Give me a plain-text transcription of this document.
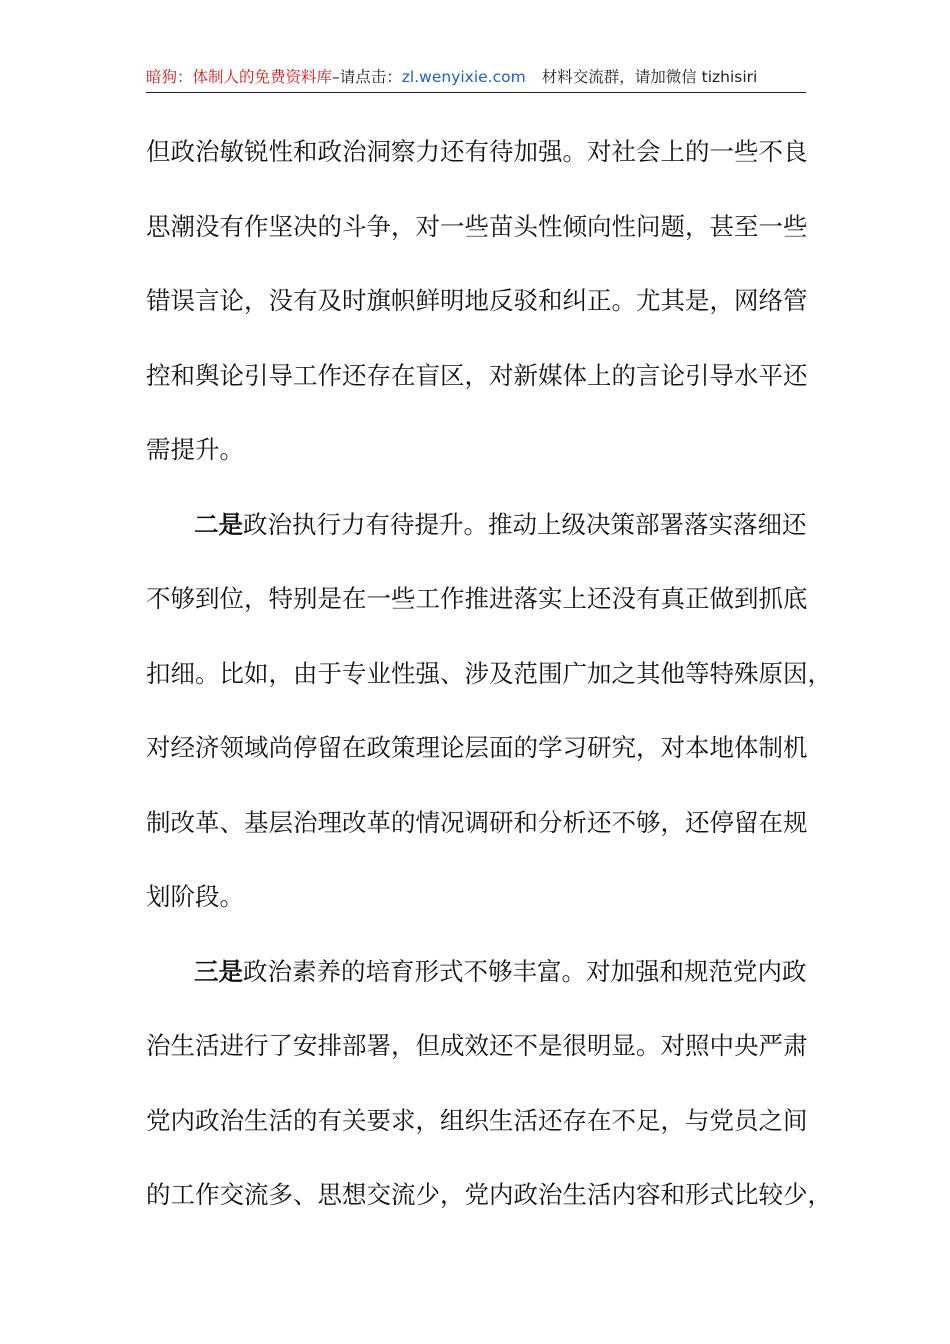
暗狗：体制人的免费资料库–请点击：zl.wenyixie.com 材料交流群，请加微信 tizhisiri
但政治敏锐性和政治洞察力还有待加强。对社会上的一些不良
思潮没有作坚决的斗争，对一些苗头性倾向性问题，甚至一些
错误言论，没有及时旗帜鲜明地反驳和纠正。尤其是，网络管
控和舆论引导工作还存在盲区，对新媒体上的言论引导水平还
需提升。
二是政治执行力有待提升。推动上级决策部署落实落细还
不够到位，特别是在一些工作推进落实上还没有真正做到抓底
扣细。比如，由于专业性强、涉及范围广加之其他等特殊原因，
对经济领域尚停留在政策理论层面的学习研究，对本地体制机
制改革、基层治理改革的情况调研和分析还不够，还停留在规
划阶段。
三是政治素养的培育形式不够丰富。对加强和规范党内政
治生活进行了安排部署，但成效还不是很明显。对照中央严肃
党内政治生活的有关要求，组织生活还存在不足，与党员之间
的工作交流多、思想交流少，党内政治生活内容和形式比较少，
